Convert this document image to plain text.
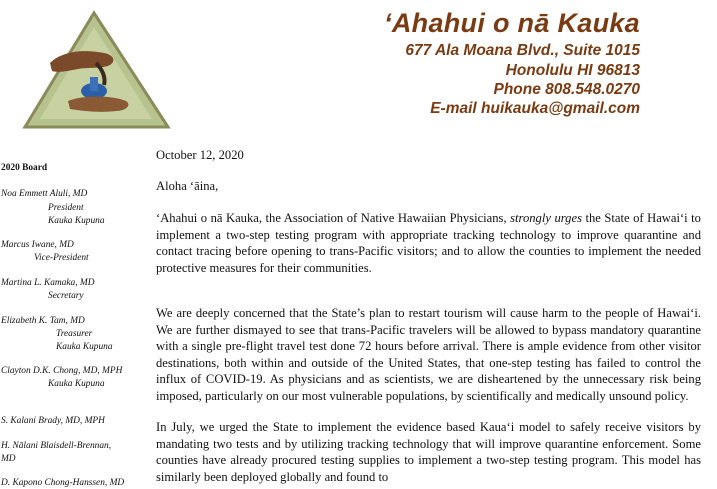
‘Ahahui o nā Kauka
677 Ala Moana Blvd., Suite 1015
Honolulu HI 96813
Phone 808.548.0270
E-mail huikauka@gmail.com
2020 Board
Noa Emmett Aluli, MD
President
Kauka Kupuna
Marcus Iwane, MD
Vice-President
Martina L. Kamaka, MD
Secretary
Elizabeth K. Tam, MD
Treasurer
Kauka Kupuna
Clayton D.K. Chong, MD, MPH
Kauka Kupuna
S. Kalani Brady, MD, MPH
H. Nālani Blaisdell-Brennan,
MD
D. Kapono Chong-Hanssen, MD
October 12, 2020
Aloha ʻāina,

‘Ahahui o nā Kauka, the Association of Native Hawaiian Physicians, strongly urges the State of Hawai‘i to implement a two-step testing program with appropriate tracking technology to improve quarantine and contact tracing before opening to trans-Pacific visitors; and to allow the counties to implement the needed protective measures for their communities.

We are deeply concerned that the State’s plan to restart tourism will cause harm to the people of Hawai‘i. We are further dismayed to see that trans-Pacific travelers will be allowed to bypass mandatory quarantine with a single pre-flight travel test done 72 hours before arrival. There is ample evidence from other visitor destinations, both within and outside of the United States, that one-step testing has failed to control the influx of COVID-19. As physicians and as scientists, we are disheartened by the unnecessary risk being imposed, particularly on our most vulnerable populations, by scientifically and medically unsound policy.

In July, we urged the State to implement the evidence based Kaua‘i model to safely receive visitors by mandating two tests and by utilizing tracking technology that will improve quarantine enforcement. Some counties have already procured testing supplies to implement a two-step testing program. This model has similarly been deployed globally and found to
